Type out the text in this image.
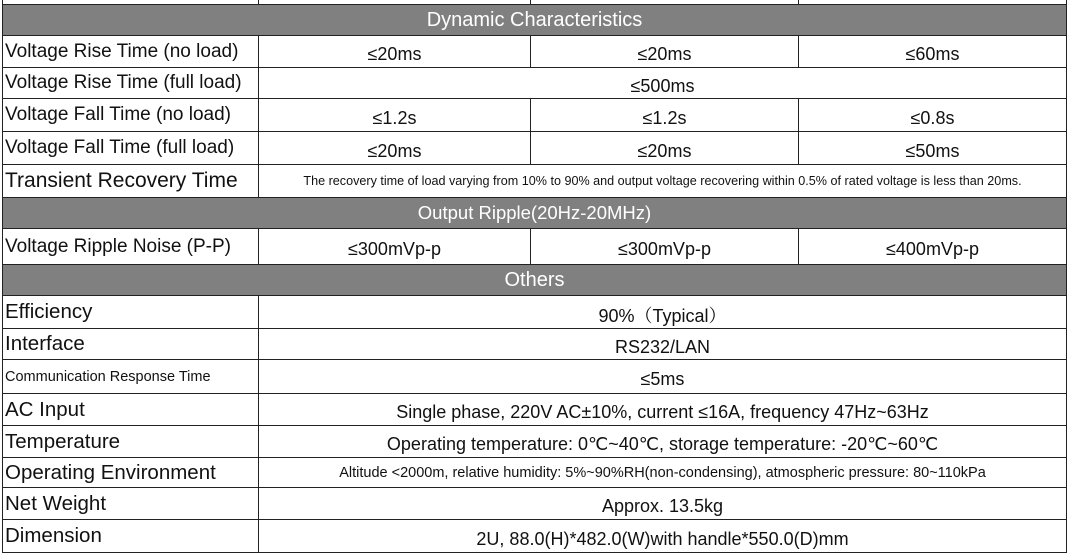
Dynamic Characteristics			
Voltage Rise Time (no load)	≤20ms	≤20ms	≤60ms
Voltage Rise Time (full load)	≤500ms		
Voltage Fall Time (no load)	≤1.2s	≤1.2s	≤0.8s
Voltage Fall Time (full load)	≤20ms	≤20ms	≤50ms
Transient Recovery Time	The recovery time of load varying from 10% to 90% and output voltage recovering within 0.5% of rated voltage is less than 20ms.		
Output Ripple(20Hz-20MHz)			
Voltage Ripple Noise (P-P)	≤300mVp-p	≤300mVp-p	≤400mVp-p
Others			
Efficiency	90%（Typical）		
Interface	RS232/LAN		
Communication Response Time	≤5ms		
AC Input	Single phase, 220V AC±10%, current ≤16A, frequency 47Hz~63Hz		
Temperature	Operating temperature: 0℃~40℃, storage temperature: -20℃~60℃		
Operating Environment	Altitude <2000m, relative humidity: 5%~90%RH(non-condensing), atmospheric pressure: 80~110kPa		
Net Weight	Approx. 13.5kg		
Dimension	2U, 88.0(H)*482.0(W)with handle*550.0(D)mm		
